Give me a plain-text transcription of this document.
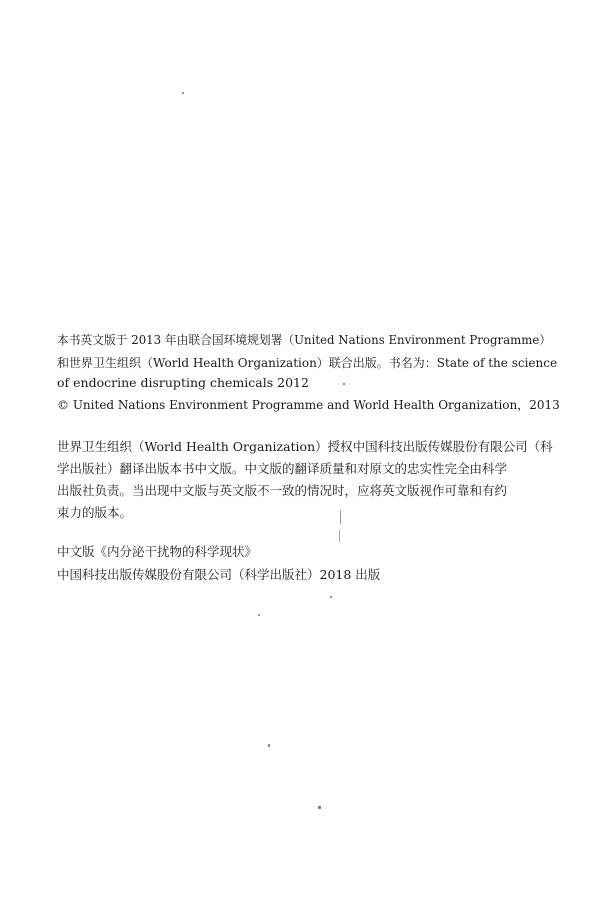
本书英文版于 2013 年由联合国环境规划署（United Nations Environment Programme）
和世界卫生组织（World Health Organization）联合出版。书名为：State of the science
of endocrine disrupting chemicals 2012
© United Nations Environment Programme and World Health Organization，2013
世界卫生组织（World Health Organization）授权中国科技出版传媒股份有限公司（科
学出版社）翻译出版本书中文版。中文版的翻译质量和对原文的忠实性完全由科学
出版社负责。当出现中文版与英文版不一致的情况时，应将英文版视作可靠和有约
束力的版本。
中文版《内分泌干扰物的科学现状》
中国科技出版传媒股份有限公司（科学出版社）2018 出版
